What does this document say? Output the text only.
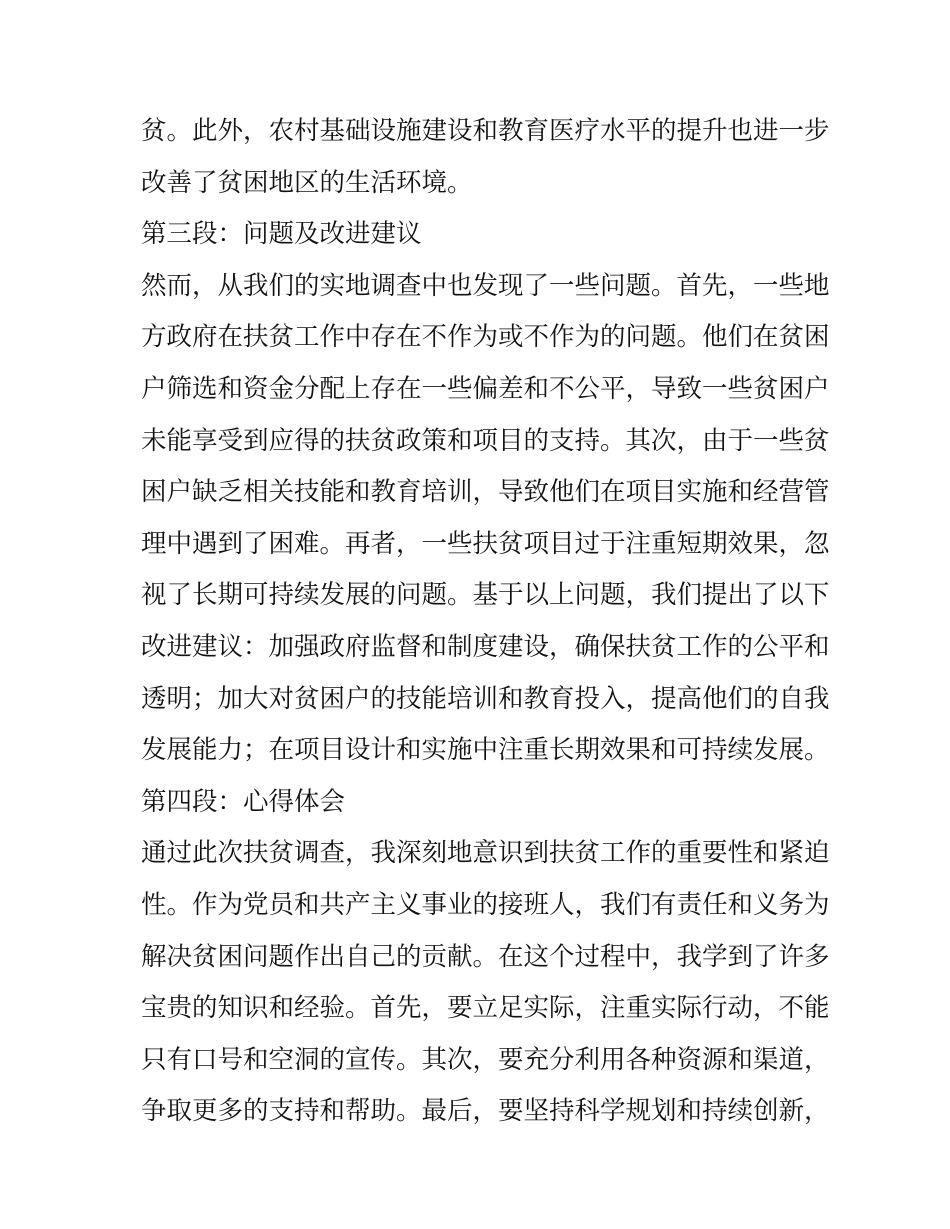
贫。此外，农村基础设施建设和教育医疗水平的提升也进一步
改善了贫困地区的生活环境。
第三段：问题及改进建议
然而，从我们的实地调查中也发现了一些问题。首先，一些地
方政府在扶贫工作中存在不作为或不作为的问题。他们在贫困
户筛选和资金分配上存在一些偏差和不公平，导致一些贫困户
未能享受到应得的扶贫政策和项目的支持。其次，由于一些贫
困户缺乏相关技能和教育培训，导致他们在项目实施和经营管
理中遇到了困难。再者，一些扶贫项目过于注重短期效果，忽
视了长期可持续发展的问题。基于以上问题，我们提出了以下
改进建议：加强政府监督和制度建设，确保扶贫工作的公平和
透明；加大对贫困户的技能培训和教育投入，提高他们的自我
发展能力；在项目设计和实施中注重长期效果和可持续发展。
第四段：心得体会
通过此次扶贫调查，我深刻地意识到扶贫工作的重要性和紧迫
性。作为党员和共产主义事业的接班人，我们有责任和义务为
解决贫困问题作出自己的贡献。在这个过程中，我学到了许多
宝贵的知识和经验。首先，要立足实际，注重实际行动，不能
只有口号和空洞的宣传。其次，要充分利用各种资源和渠道，
争取更多的支持和帮助。最后，要坚持科学规划和持续创新，
